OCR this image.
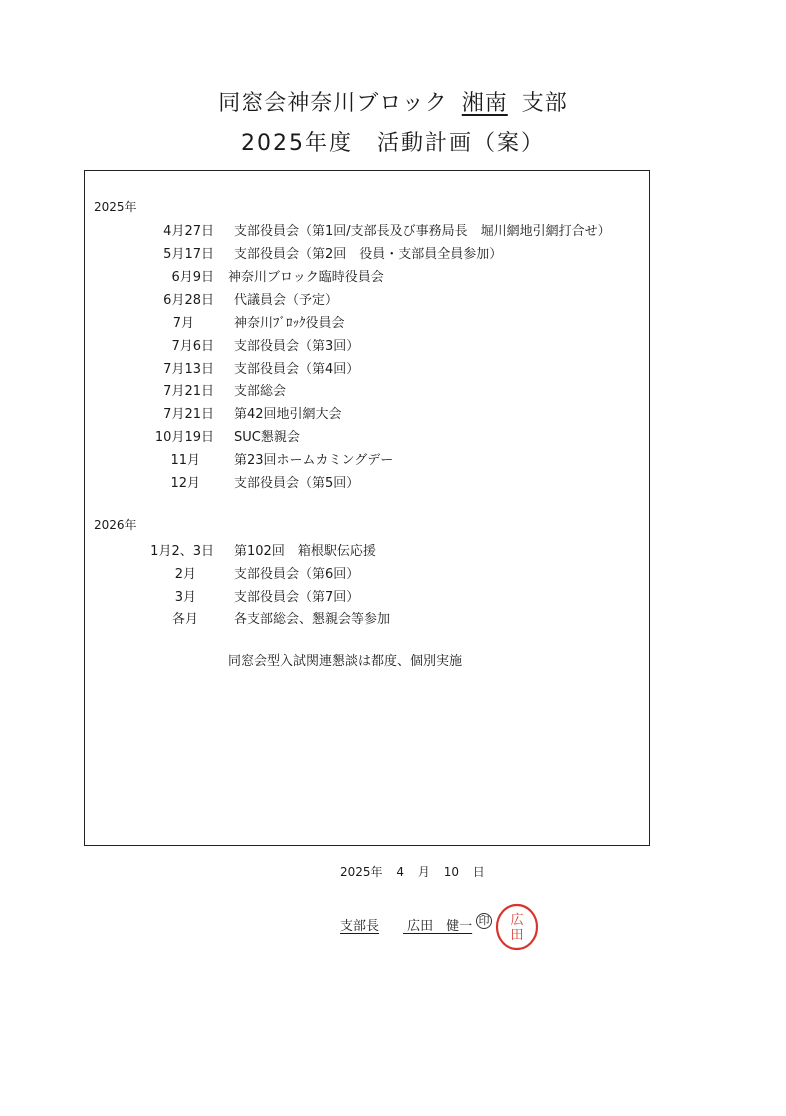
同窓会神奈川ブロック 湘南 支部
2025年度　活動計画（案）
2025年
4月27日 支部役員会（第1回/支部長及び事務局長　堀川網地引網打合せ）
5月17日 支部役員会（第2回　役員・支部員全員参加）
6月9日 神奈川ブロック臨時役員会
6月28日 代議員会（予定）
7月	神奈川ﾌﾞﾛｯｸ役員会
7月6日 支部役員会（第3回）
7月13日 支部役員会（第4回）
7月21日 支部総会
7月21日 第42回地引網大会
10月19日 SUC懇親会
11月	第23回ホームカミングデー
12月	支部役員会（第5回）
2026年
1月2、3日 第102回　箱根駅伝応援
2月	支部役員会（第6回）
3月	支部役員会（第7回）
各月	各支部総会、懇親会等参加
同窓会型入試関連懇談は都度、個別実施
2025年 4 月 10 日
支部長 広田　健一 印 広田
